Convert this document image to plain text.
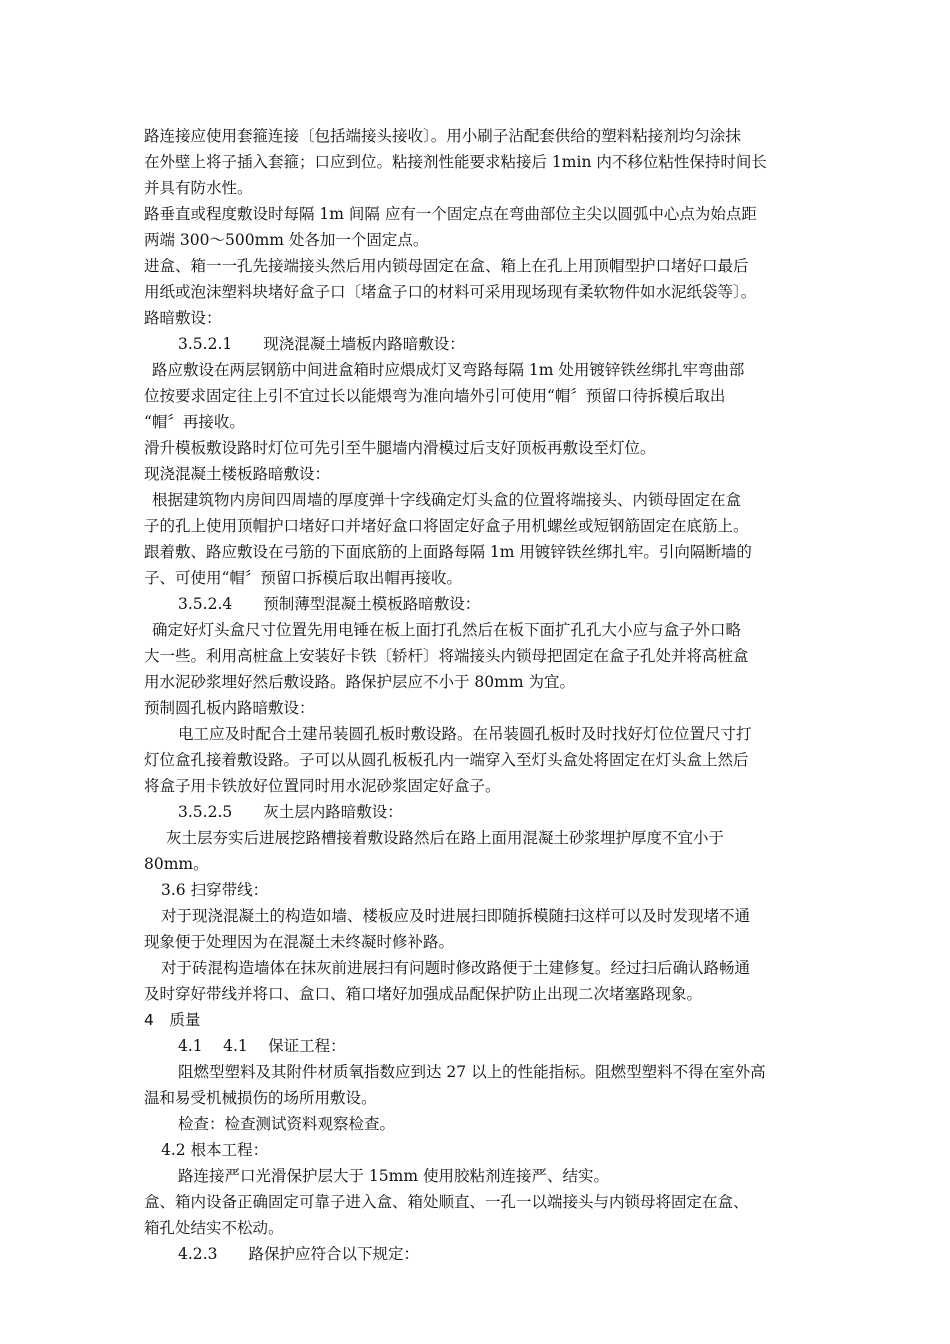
路连接应使用套箍连接〔包括端接头接收〕。用小刷子沾配套供给的塑料粘接剂均匀涂抹
在外壁上将子插入套箍；口应到位。粘接剂性能要求粘接后 1min 内不移位粘性保持时间长
并具有防水性。
路垂直或程度敷设时每隔 1m 间隔 应有一个固定点在弯曲部位主尖以圆弧中心点为始点距
两端 300～500mm 处各加一个固定点。
进盒、箱一一孔先接端接头然后用内锁母固定在盒、箱上在孔上用顶帽型护口堵好口最后
用纸或泡沫塑料块堵好盒子口〔堵盒子口的材料可采用现场现有柔软物件如水泥纸袋等〕。
路暗敷设：
3.5.2.1　　现浇混凝土墙板内路暗敷设：
路应敷设在两层钢筋中间进盒箱时应煨成灯叉弯路每隔 1m 处用镀锌铁丝绑扎牢弯曲部
位按要求固定往上引不宜过长以能煨弯为准向墙外引可使用“帽〞预留口待拆模后取出
“帽〞再接收。
滑升模板敷设路时灯位可先引至牛腿墙内滑模过后支好顶板再敷设至灯位。
现浇混凝土楼板路暗敷设：
根据建筑物内房间四周墙的厚度弹十字线确定灯头盒的位置将端接头、内锁母固定在盒
子的孔上使用顶帽护口堵好口并堵好盒口将固定好盒子用机螺丝或短钢筋固定在底筋上。
跟着敷、路应敷设在弓筋的下面底筋的上面路每隔 1m 用镀锌铁丝绑扎牢。引向隔断墙的
子、可使用“帽〞预留口拆模后取出帽再接收。
3.5.2.4　　预制薄型混凝土模板路暗敷设：
确定好灯头盒尺寸位置先用电锤在板上面打孔然后在板下面扩孔孔大小应与盒子外口略
大一些。利用高桩盒上安装好卡铁〔轿杆〕将端接头内锁母把固定在盒子孔处并将高桩盒
用水泥砂浆埋好然后敷设路。路保护层应不小于 80mm 为宜。
预制圆孔板内路暗敷设：
电工应及时配合土建吊装圆孔板时敷设路。在吊装圆孔板时及时找好灯位位置尺寸打
灯位盒孔接着敷设路。子可以从圆孔板板孔内一端穿入至灯头盒处将固定在灯头盒上然后
将盒子用卡铁放好位置同时用水泥砂浆固定好盒子。
3.5.2.5　　灰土层内路暗敷设：
灰土层夯实后进展挖路槽接着敷设路然后在路上面用混凝土砂浆埋护厚度不宜小于
80mm。
3.6 扫穿带线：
对于现浇混凝土的构造如墙、楼板应及时进展扫即随拆模随扫这样可以及时发现堵不通
现象便于处理因为在混凝土未终凝时修补路。
对于砖混构造墙体在抹灰前进展扫有问题时修改路便于土建修复。经过扫后确认路畅通
及时穿好带线并将口、盒口、箱口堵好加强成品配保护防止出现二次堵塞路现象。
4　质量
4.1　 4.1　 保证工程：
阻燃型塑料及其附件材质氧指数应到达 27 以上的性能指标。阻燃型塑料不得在室外高
温和易受机械损伤的场所用敷设。
检查：检查测试资料观察检查。
4.2 根本工程：
路连接严口光滑保护层大于 15mm 使用胶粘剂连接严、结实。
盒、箱内设备正确固定可靠子进入盒、箱处顺直、一孔一以端接头与内锁母将固定在盒、
箱孔处结实不松动。
4.2.3　　路保护应符合以下规定：
